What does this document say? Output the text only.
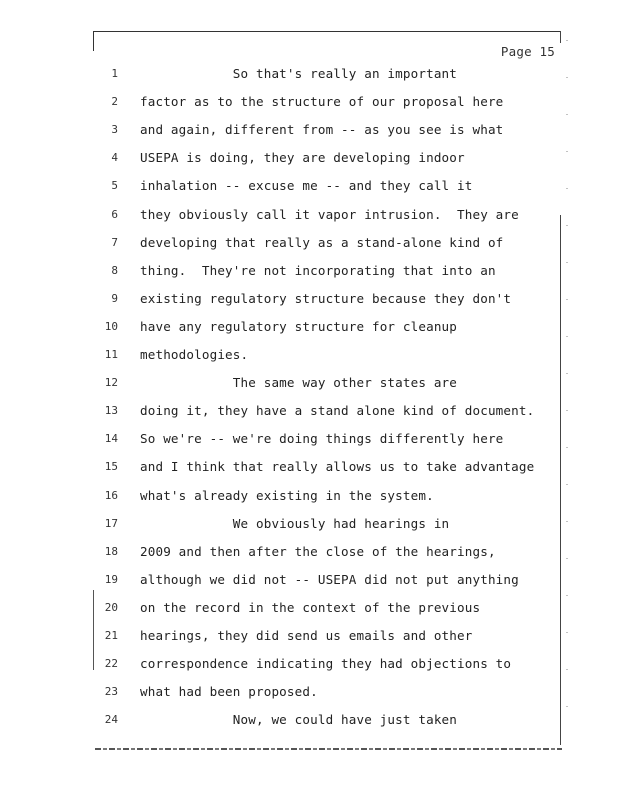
Page 15
1 So that's really an important
2 factor as to the structure of our proposal here
3 and again, different from -- as you see is what
4 USEPA is doing, they are developing indoor
5 inhalation -- excuse me -- and they call it
6 they obviously call it vapor intrusion.  They are
7 developing that really as a stand-alone kind of
8 thing.  They're not incorporating that into an
9 existing regulatory structure because they don't
10 have any regulatory structure for cleanup
11 methodologies.
12 The same way other states are
13 doing it, they have a stand alone kind of document.
14 So we're -- we're doing things differently here
15 and I think that really allows us to take advantage
16 what's already existing in the system.
17 We obviously had hearings in
18 2009 and then after the close of the hearings,
19 although we did not -- USEPA did not put anything
20 on the record in the context of the previous
21 hearings, they did send us emails and other
22 correspondence indicating they had objections to
23 what had been proposed.
24 Now, we could have just taken
